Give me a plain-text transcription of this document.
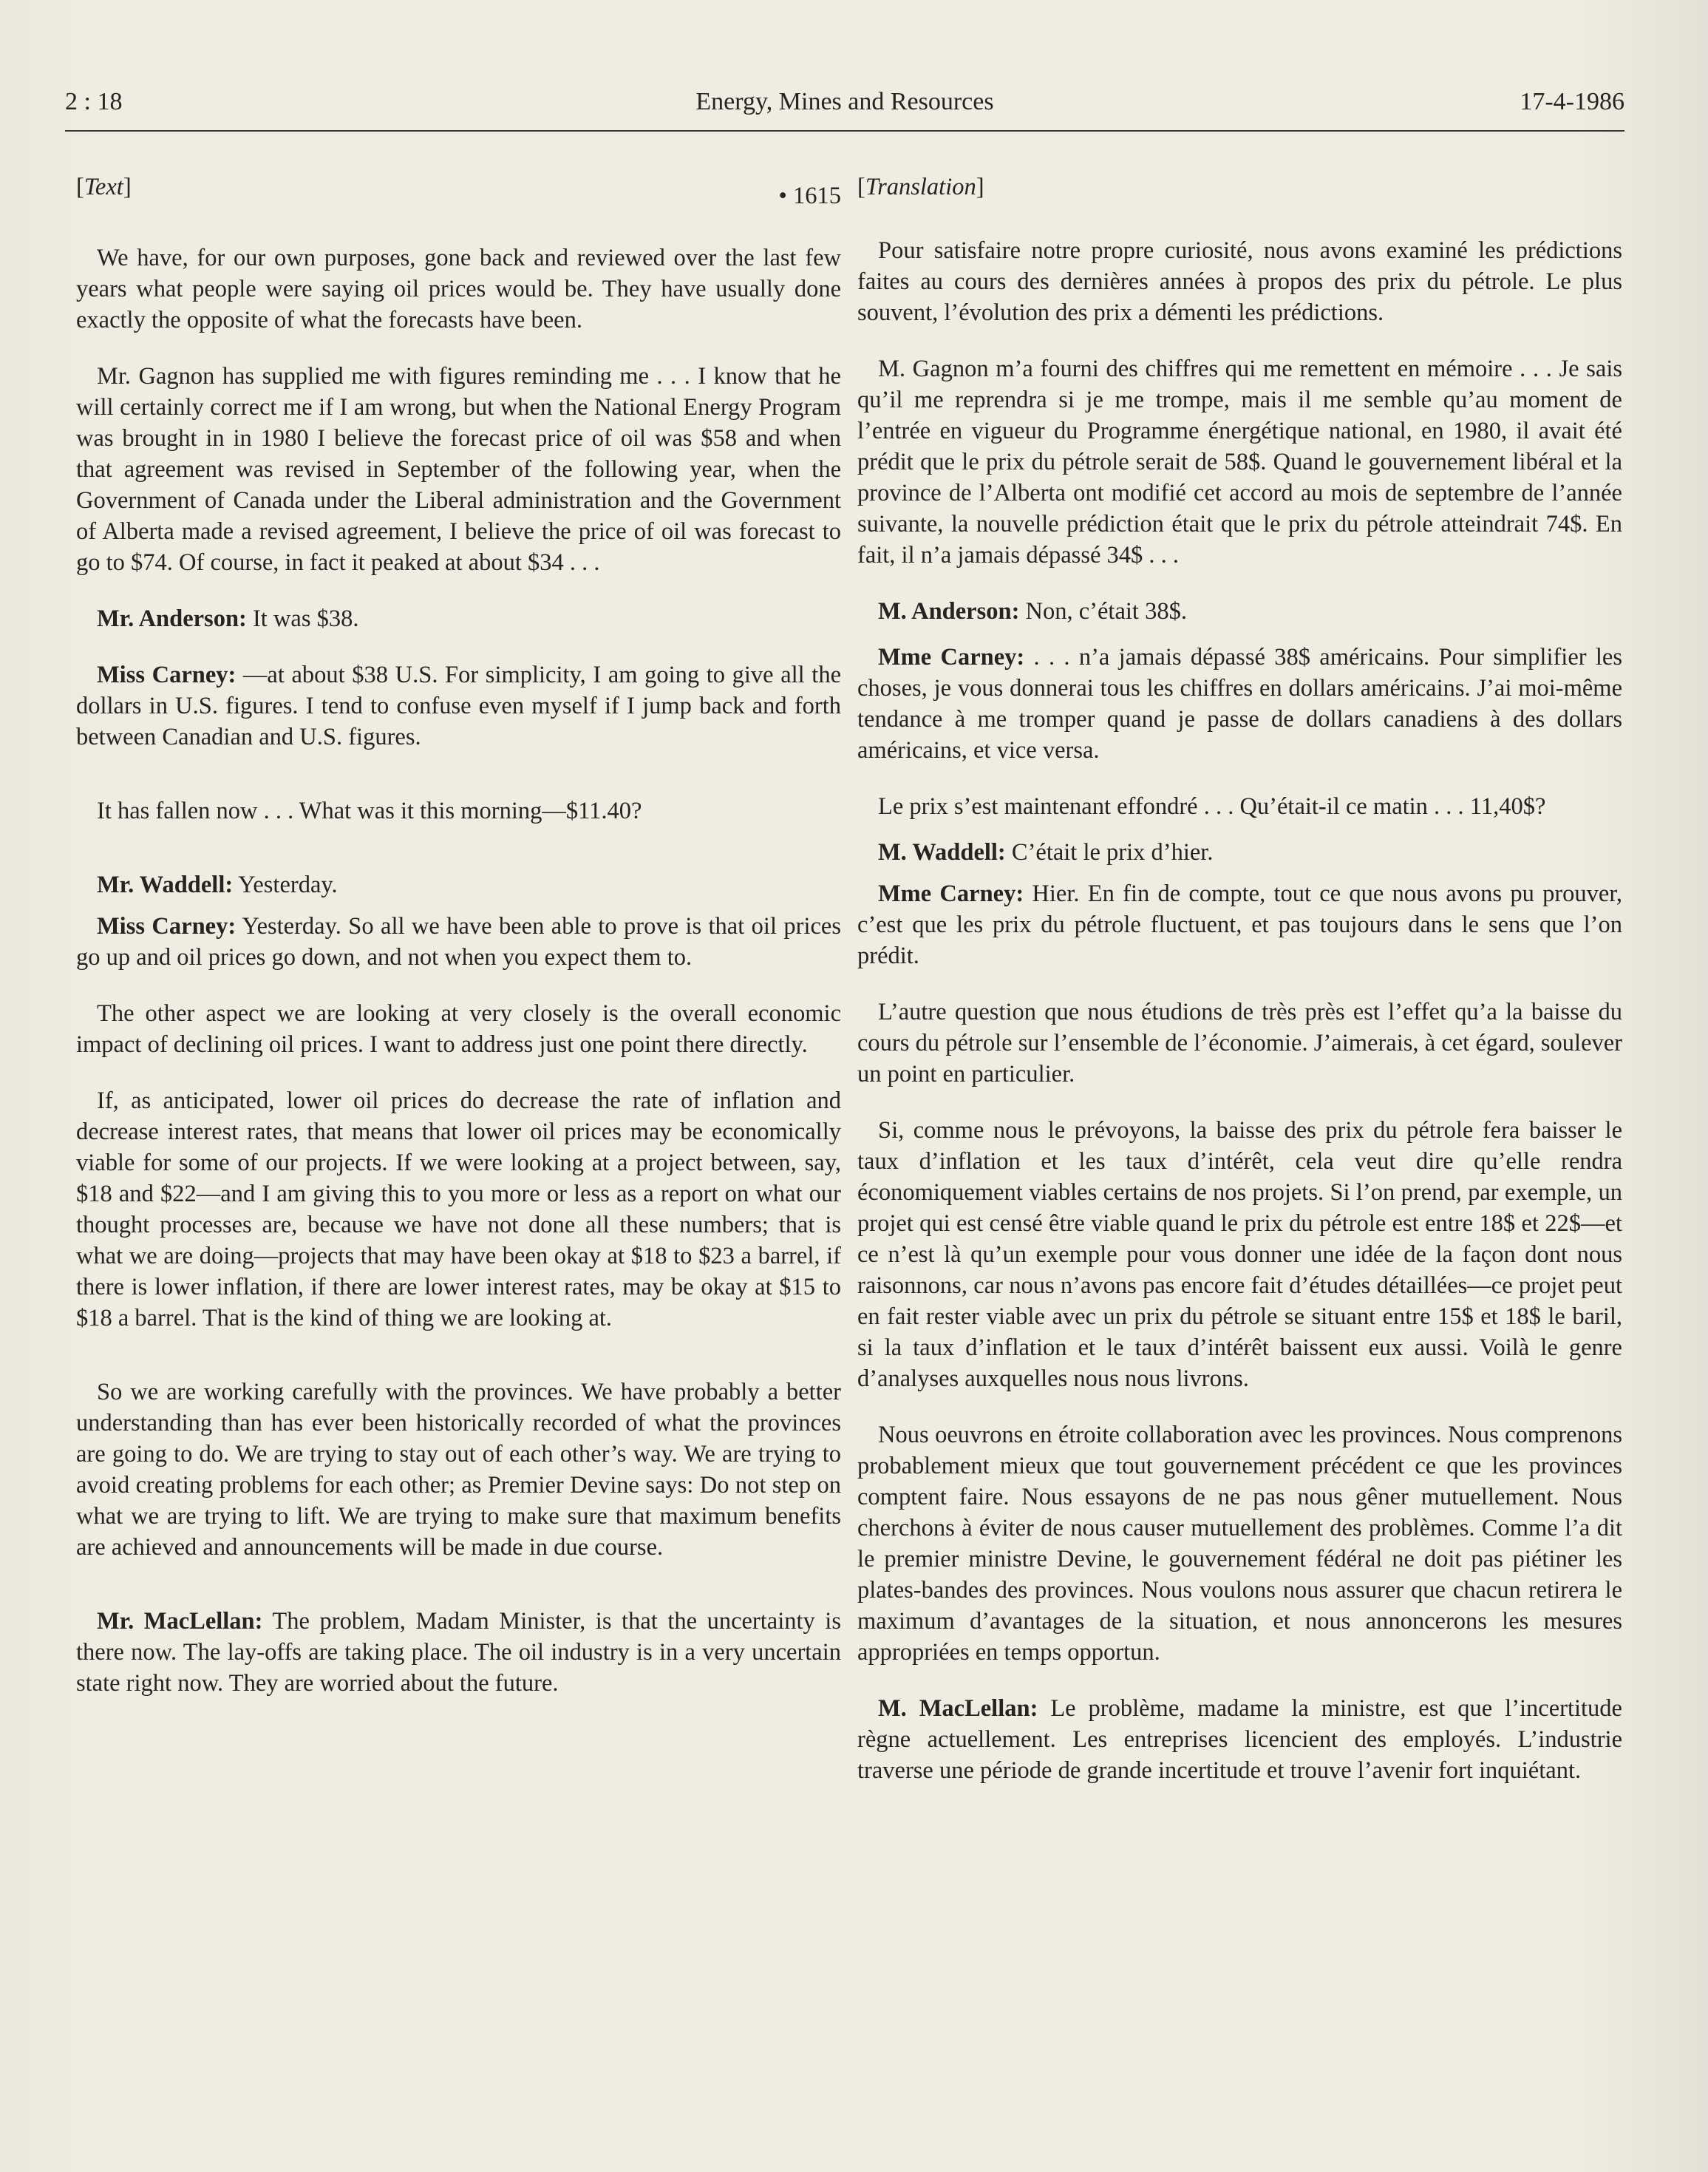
2 : 18	Energy, Mines and Resources	17-4-1986

[Text]	• 1615

We have, for our own purposes, gone back and reviewed over the last few years what people were saying oil prices would be. They have usually done exactly the opposite of what the forecasts have been.

Mr. Gagnon has supplied me with figures reminding me . . . I know that he will certainly correct me if I am wrong, but when the National Energy Program was brought in in 1980 I believe the forecast price of oil was $58 and when that agreement was revised in September of the following year, when the Government of Canada under the Liberal administration and the Government of Alberta made a revised agreement, I believe the price of oil was forecast to go to $74. Of course, in fact it peaked at about $34 . . .

Mr. Anderson: It was $38.

Miss Carney: —at about $38 U.S. For simplicity, I am going to give all the dollars in U.S. figures. I tend to confuse even myself if I jump back and forth between Canadian and U.S. figures.

It has fallen now . . . What was it this morning—$11.40?

Mr. Waddell: Yesterday.

Miss Carney: Yesterday. So all we have been able to prove is that oil prices go up and oil prices go down, and not when you expect them to.

The other aspect we are looking at very closely is the overall economic impact of declining oil prices. I want to address just one point there directly.

If, as anticipated, lower oil prices do decrease the rate of inflation and decrease interest rates, that means that lower oil prices may be economically viable for some of our projects. If we were looking at a project between, say, $18 and $22—and I am giving this to you more or less as a report on what our thought processes are, because we have not done all these numbers; that is what we are doing—projects that may have been okay at $18 to $23 a barrel, if there is lower inflation, if there are lower interest rates, may be okay at $15 to $18 a barrel. That is the kind of thing we are looking at.

So we are working carefully with the provinces. We have probably a better understanding than has ever been historically recorded of what the provinces are going to do. We are trying to stay out of each other’s way. We are trying to avoid creating problems for each other; as Premier Devine says: Do not step on what we are trying to lift. We are trying to make sure that maximum benefits are achieved and announcements will be made in due course.

Mr. MacLellan: The problem, Madam Minister, is that the uncertainty is there now. The lay-offs are taking place. The oil industry is in a very uncertain state right now. They are worried about the future.

[Translation]

Pour satisfaire notre propre curiosité, nous avons examiné les prédictions faites au cours des dernières années à propos des prix du pétrole. Le plus souvent, l’évolution des prix a démenti les prédictions.

M. Gagnon m’a fourni des chiffres qui me remettent en mémoire . . . Je sais qu’il me reprendra si je me trompe, mais il me semble qu’au moment de l’entrée en vigueur du Programme énergétique national, en 1980, il avait été prédit que le prix du pétrole serait de 58$. Quand le gouvernement libéral et la province de l’Alberta ont modifié cet accord au mois de septembre de l’année suivante, la nouvelle prédiction était que le prix du pétrole atteindrait 74$. En fait, il n’a jamais dépassé 34$ . . .

M. Anderson: Non, c’était 38$.

Mme Carney: . . . n’a jamais dépassé 38$ américains. Pour simplifier les choses, je vous donnerai tous les chiffres en dollars américains. J’ai moi-même tendance à me tromper quand je passe de dollars canadiens à des dollars américains, et vice versa.

Le prix s’est maintenant effondré . . . Qu’était-il ce matin . . . 11,40$?

M. Waddell: C’était le prix d’hier.

Mme Carney: Hier. En fin de compte, tout ce que nous avons pu prouver, c’est que les prix du pétrole fluctuent, et pas toujours dans le sens que l’on prédit.

L’autre question que nous étudions de très près est l’effet qu’a la baisse du cours du pétrole sur l’ensemble de l’économie. J’aimerais, à cet égard, soulever un point en particulier.

Si, comme nous le prévoyons, la baisse des prix du pétrole fera baisser le taux d’inflation et les taux d’intérêt, cela veut dire qu’elle rendra économiquement viables certains de nos projets. Si l’on prend, par exemple, un projet qui est censé être viable quand le prix du pétrole est entre 18$ et 22$—et ce n’est là qu’un exemple pour vous donner une idée de la façon dont nous raisonnons, car nous n’avons pas encore fait d’études détaillées—ce projet peut en fait rester viable avec un prix du pétrole se situant entre 15$ et 18$ le baril, si la taux d’inflation et le taux d’intérêt baissent eux aussi. Voilà le genre d’analyses auxquelles nous nous livrons.

Nous oeuvrons en étroite collaboration avec les provinces. Nous comprenons probablement mieux que tout gouvernement précédent ce que les provinces comptent faire. Nous essayons de ne pas nous gêner mutuellement. Nous cherchons à éviter de nous causer mutuellement des problèmes. Comme l’a dit le premier ministre Devine, le gouvernement fédéral ne doit pas piétiner les plates-bandes des provinces. Nous voulons nous assurer que chacun retirera le maximum d’avantages de la situation, et nous annoncerons les mesures appropriées en temps opportun.

M. MacLellan: Le problème, madame la ministre, est que l’incertitude règne actuellement. Les entreprises licencient des employés. L’industrie traverse une période de grande incertitude et trouve l’avenir fort inquiétant.
